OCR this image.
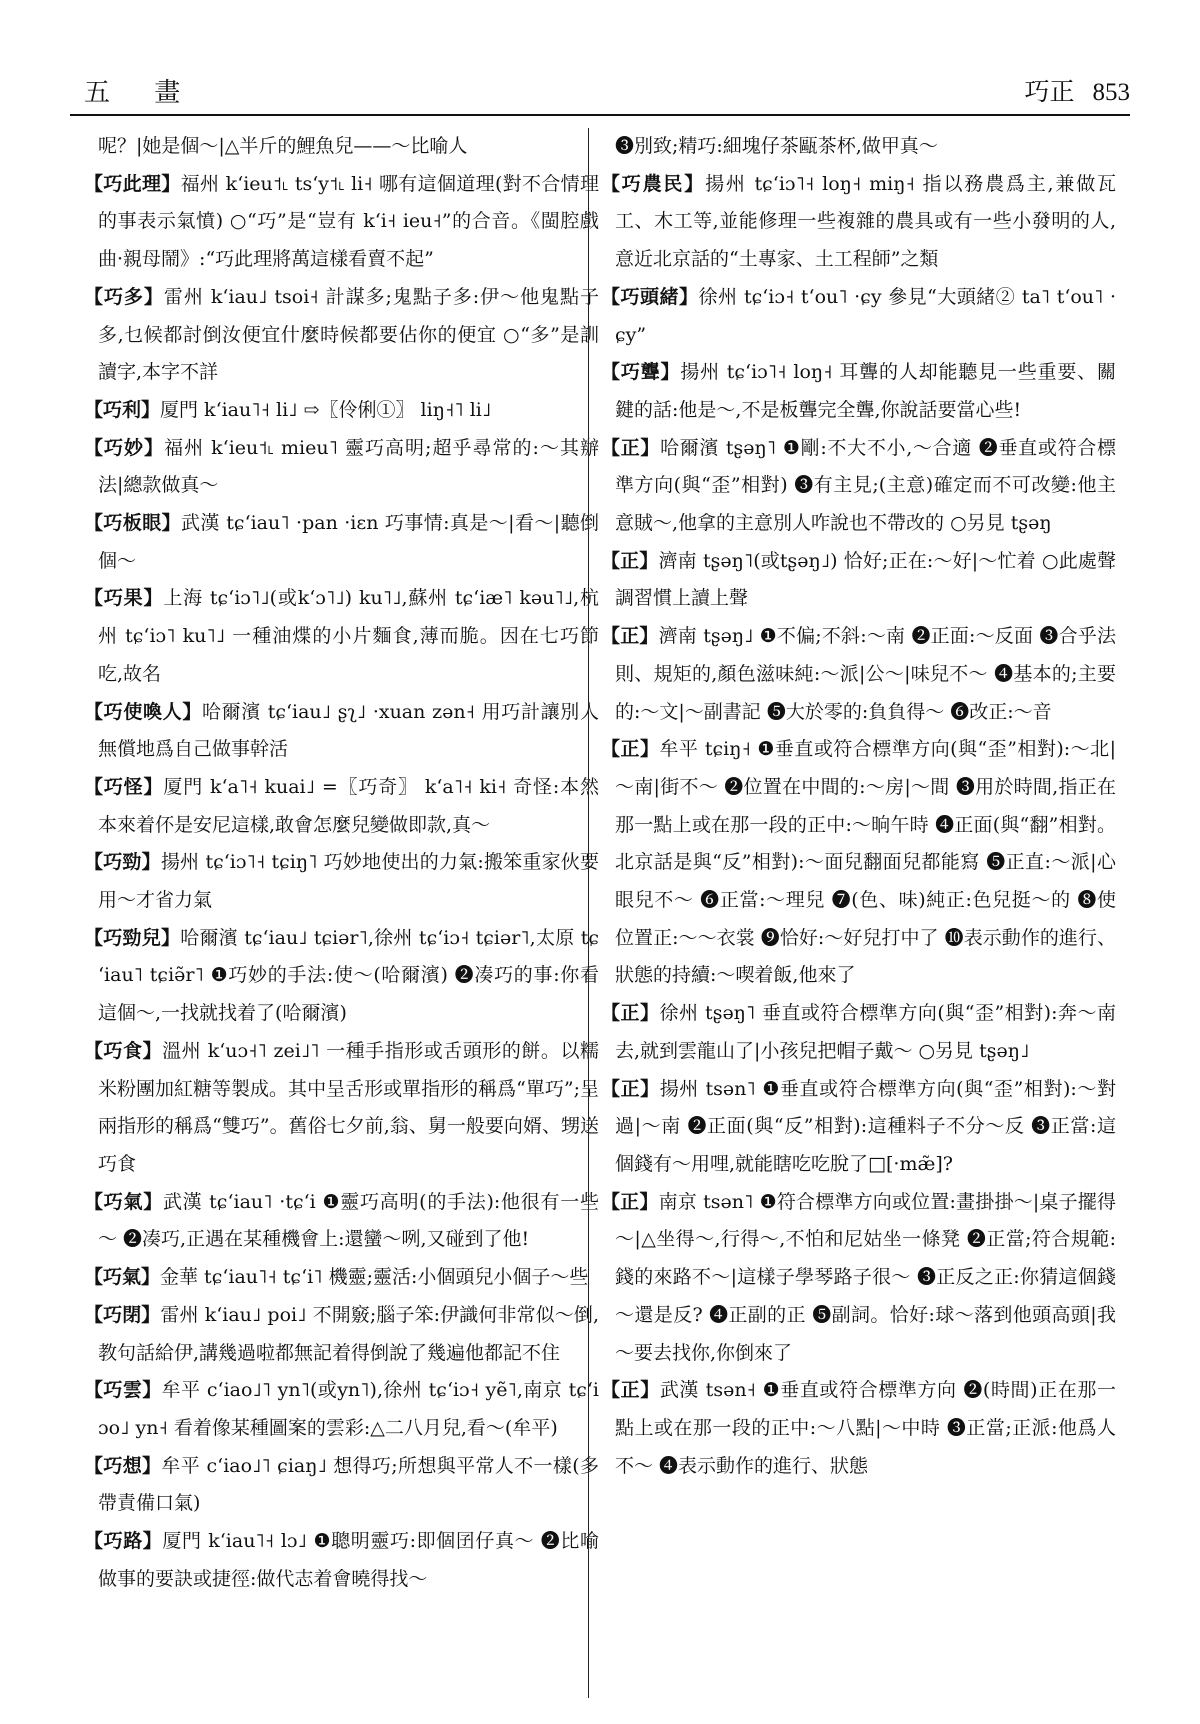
五 畫	巧正 853

呢？|她是個～|△半斤的鯉魚兒——～比喻人

【巧此理】福州 kʻieu˦˪ tsʻy˦˪ li˧ 哪有這個道理(對不合情理的事表示氣憤) ○“巧”是“豈有 kʻi˧ ieu˧”的合音。《閩腔戲曲·親母鬧》:“巧此理將萬這樣看賣不起”

【巧多】雷州 kʻiau˩ tsoi˧ 計謀多;鬼點子多:伊～他鬼點子多,乜候都討倒汝便宜什麼時候都要佔你的便宜 ○“多”是訓讀字,本字不詳

【巧利】厦門 kʻiau˥˧ li˩ ⇨〖伶俐①〗 liŋ˧˥ li˩

【巧妙】福州 kʻieu˦˪ mieu˥ 靈巧高明;超乎尋常的:～其辦法|總款做真～

【巧板眼】武漢 tɕʻiau˥ ·pan ·iɛn 巧事情:真是～|看～|聽倒個～

【巧果】上海 tɕʻiɔ˥˩(或kʻɔ˥˩) ku˥˩,蘇州 tɕʻiæ˥ kəu˥˩,杭州 tɕʻiɔ˥ ku˥˩ 一種油煠的小片麵食,薄而脆。因在七巧節吃,故名

【巧使喚人】哈爾濱 tɕʻiau˩ ʂʅ˩ ·xuan zən˧ 用巧計讓別人無償地爲自己做事幹活

【巧怪】厦門 kʻa˥˧ kuai˩ =〖巧奇〗 kʻa˥˧ ki˧ 奇怪:本然本來着伓是安尼這樣,敢會怎麼兒變做即款,真～

【巧勁】揚州 tɕʻiɔ˥˧ tɕiŋ˥ 巧妙地使出的力氣:搬笨重家伙要用～才省力氣

【巧勁兒】哈爾濱 tɕʻiau˩ tɕiər˥,徐州 tɕʻiɔ˧ tɕiər˥,太原 tɕʻiau˥ tɕiə̃r˥ ❶巧妙的手法:使～(哈爾濱) ❷凑巧的事:你看這個～,一找就找着了(哈爾濱)

【巧食】溫州 kʻuɔ˧˥ zei˩˥ 一種手指形或舌頭形的餅。以糯米粉團加紅糖等製成。其中呈舌形或單指形的稱爲“單巧”;呈兩指形的稱爲“雙巧”。舊俗七夕前,翁、舅一般要向婿、甥送巧食

【巧氣】武漢 tɕʻiau˥ ·tɕʻi ❶靈巧高明(的手法):他很有一些～ ❷凑巧,正遇在某種機會上:還蠻～咧,又碰到了他!

【巧氣】金華 tɕʻiau˥˧ tɕʻi˥ 機靈;靈活:小個頭兒小個子～些

【巧閉】雷州 kʻiau˩ poi˩ 不開竅;腦子笨:伊識何非常似～倒,教句話給伊,講幾過啦都無記着得倒說了幾遍他都記不住

【巧雲】牟平 cʻiao˩˥ yn˥(或yn˥),徐州 tɕʻiɔ˧ yẽ˥,南京 tɕʻiɔo˩ yn˧ 看着像某種圖案的雲彩:△二八月兒,看～(牟平)

【巧想】牟平 cʻiao˩˥ ɕiaŋ˩ 想得巧;所想與平常人不一樣(多帶責備口氣)

【巧路】厦門 kʻiau˥˧ lɔ˩ ❶聰明靈巧:即個囝仔真～ ❷比喻做事的要訣或捷徑:做代志着會曉得找～

❸別致;精巧:細塊仔茶甌茶杯,做甲真～

【巧農民】揚州 tɕʻiɔ˥˧ loŋ˧ miŋ˧ 指以務農爲主,兼做瓦工、木工等,並能修理一些複雜的農具或有一些小發明的人,意近北京話的“土專家、土工程師”之類

【巧頭緒】徐州 tɕʻiɔ˧ tʻou˥ ·ɕy 參見“大頭緒② ta˥ tʻou˥ ·ɕy”

【巧聾】揚州 tɕʻiɔ˥˧ loŋ˧ 耳聾的人却能聽見一些重要、關鍵的話:他是～,不是板聾完全聾,你說話要當心些!

【正】哈爾濱 tʂəŋ˥ ❶剛:不大不小,～合適 ❷垂直或符合標準方向(與“歪”相對) ❸有主見;(主意)確定而不可改變:他主意賊～,他拿的主意別人咋說也不帶改的 ○另見 tʂəŋ

【正】濟南 tʂəŋ˥(或tʂəŋ˩) 恰好;正在:～好|～忙着 ○此處聲調習慣上讀上聲

【正】濟南 tʂəŋ˩ ❶不偏;不斜:～南 ❷正面:～反面 ❸合乎法則、規矩的,顏色滋味純:～派|公～|味兒不～ ❹基本的;主要的:～文|～副書記 ❺大於零的:負負得～ ❻改正:～音

【正】牟平 tɕiŋ˧ ❶垂直或符合標準方向(與“歪”相對):～北|～南|街不～ ❷位置在中間的:～房|～間 ❸用於時間,指正在那一點上或在那一段的正中:～晌午時 ❹正面(與“翻”相對。北京話是與“反”相對):～面兒翻面兒都能寫 ❺正直:～派|心眼兒不～ ❻正當:～理兒 ❼(色、味)純正:色兒挺～的 ❽使位置正:～～衣裳 ❾恰好:～好兒打中了 ❿表示動作的進行、狀態的持續:～喫着飯,他來了

【正】徐州 tʂəŋ˥ 垂直或符合標準方向(與“歪”相對):奔～南去,就到雲龍山了|小孩兒把帽子戴～ ○另見 tʂəŋ˩

【正】揚州 tsən˥ ❶垂直或符合標準方向(與“歪”相對):～對過|～南 ❷正面(與“反”相對):這種料子不分～反 ❸正當:這個錢有～用哩,就能瞎吃吃脫了□[·mæ̃]?

【正】南京 tsən˥ ❶符合標準方向或位置:畫掛掛～|桌子擺得～|△坐得～,行得～,不怕和尼姑坐一條凳 ❷正當;符合規範:錢的來路不～|這樣子學琴路子很～ ❸正反之正:你猜這個錢～還是反? ❹正副的正 ❺副詞。恰好:球～落到他頭高頭|我～要去找你,你倒來了

【正】武漢 tsən˧ ❶垂直或符合標準方向 ❷(時間)正在那一點上或在那一段的正中:～八點|～中時 ❸正當;正派:他爲人不～ ❹表示動作的進行、狀態
